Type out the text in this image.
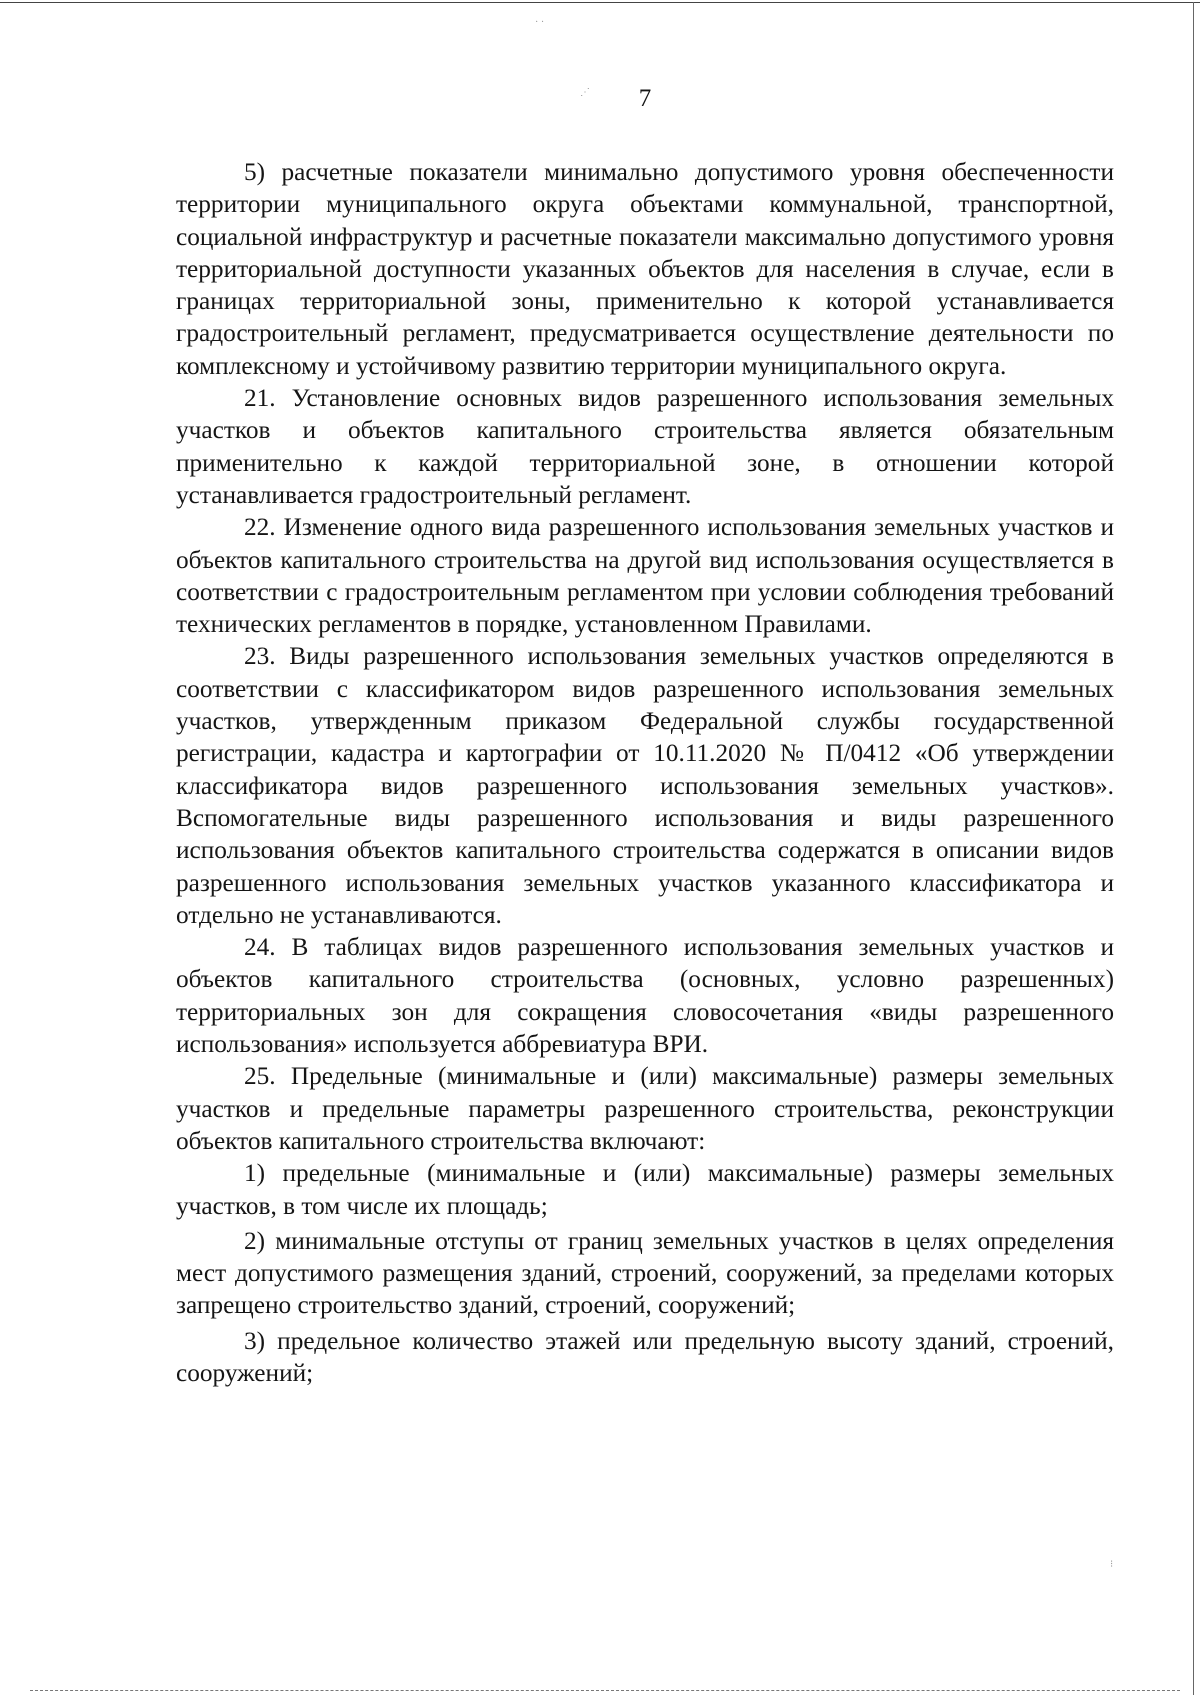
· ·
⋰
⁝
7

5) расчетные показатели минимально допустимого уровня обеспеченности территории муниципального округа объектами коммунальной, транспортной, социальной инфраструктур и расчетные показатели максимально допустимого уровня территориальной доступности указанных объектов для населения в случае, если в границах территориальной зоны, применительно к которой устанавливается градостроительный регламент, предусматривается осуществление деятельности по комплексному и устойчивому развитию территории муниципального округа.

21. Установление основных видов разрешенного использования земельных участков и объектов капитального строительства является обязательным применительно к каждой территориальной зоне, в отношении которой устанавливается градостроительный регламент.

22. Изменение одного вида разрешенного использования земельных участков и объектов капитального строительства на другой вид использования осуществляется в соответствии с градостроительным регламентом при условии соблюдения требований технических регламентов в порядке, установленном Правилами.

23. Виды разрешенного использования земельных участков определяются в соответствии с классификатором видов разрешенного использования земельных участков, утвержденным приказом Федеральной службы государственной регистрации, кадастра и картографии от 10.11.2020 № П/0412 «Об утверждении классификатора видов разрешенного использования земельных участков». Вспомогательные виды разрешенного использования и виды разрешенного использования объектов капитального строительства содержатся в описании видов разрешенного использования земельных участков указанного классификатора и отдельно не устанавливаются.

24. В таблицах видов разрешенного использования земельных участков и объектов капитального строительства (основных, условно разрешенных) территориальных зон для сокращения словосочетания «виды разрешенного использования» используется аббревиатура ВРИ.

25. Предельные (минимальные и (или) максимальные) размеры земельных участков и предельные параметры разрешенного строительства, реконструкции объектов капитального строительства включают:

1) предельные (минимальные и (или) максимальные) размеры земельных участков, в том числе их площадь;

2) минимальные отступы от границ земельных участков в целях определения мест допустимого размещения зданий, строений, сооружений, за пределами которых запрещено строительство зданий, строений, сооружений;

3) предельное количество этажей или предельную высоту зданий, строений, сооружений;
